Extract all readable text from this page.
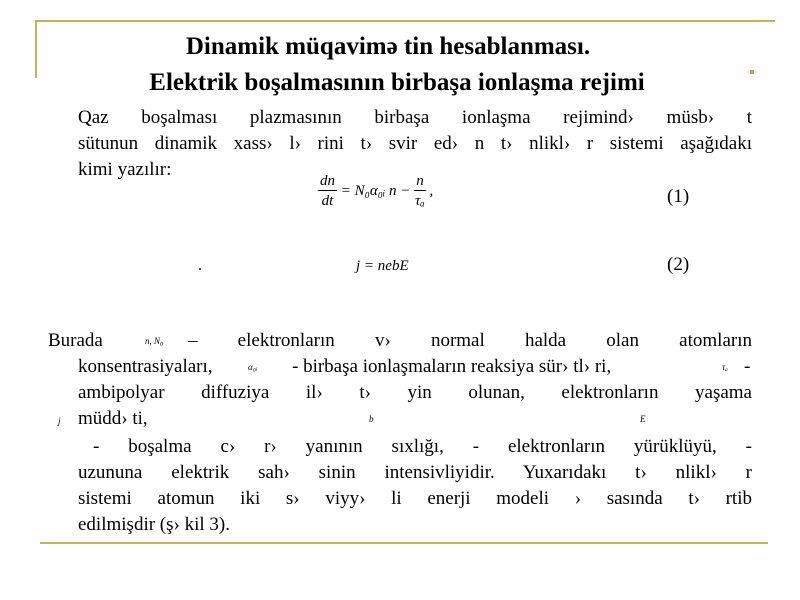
Dinamik müqavimə tin hesablanması.
Elektrik boşalmasının birbaşa ionlaşma rejimi
Qaz boşalması plazmasının birbaşa ionlaşma rejimind› müsb› t
sütunun dinamik xass› l› rini t› svir ed› n t› nlikl› r sistemi aşağıdakı
kimi yazılır:
$\frac{dn}{dt}$ = N₀α₀ᵢ $n - \frac{n}{\text{τₐ}}$ ,	(1)
j = nebE	(2)
Burada	n, N₀ – elektronların v› normal halda olan atomların
konsentrasiyaları,	α₀ᵢ - birbaşa ionlaşmaların reaksiya sür› tl› ri,	τₐ -
ambipolyar diffuziya il› t› yin olunan, elektronların yaşama
müdd› ti,
j	b	E
- boşalma c› r› yanının sıxlığı, - elektronların yürüklüyü, -
uzununa elektrik sah› sinin intensivliyidir. Yuxarıdakı t› nlikl› r
sistemi atomun iki s› viyy› li enerji modeli › sasında t› rtib
edilmişdir (ş› kil 3).
